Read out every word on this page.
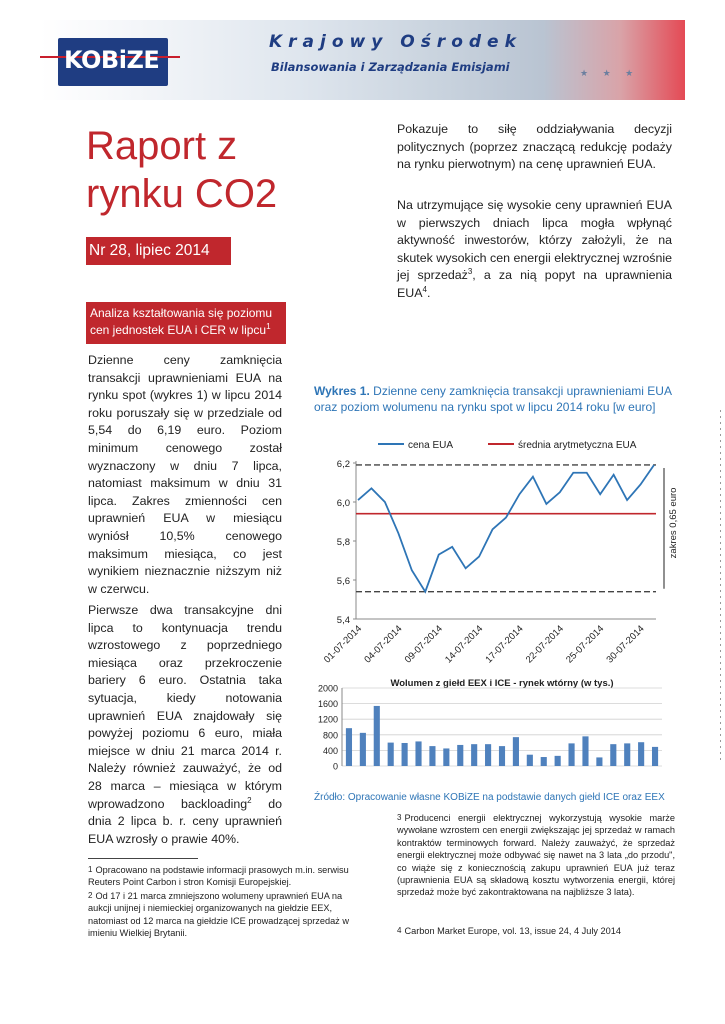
KOBiZE
Krajowy Ośrodek
Bilansowania i Zarządzania Emisjami	★ ★ ★
Raport z rynku CO2
Nr 28, lipiec 2014
Analiza kształtowania się poziomu cen jednostek EUA i CER w lipcu$^1$
Dzienne ceny zamknięcia transakcji uprawnieniami EUA na rynku spot (wykres 1) w lipcu 2014 roku poruszały się w przedziale od 5,54 do 6,19 euro. Poziom minimum cenowego został wyznaczony w dniu 7 lipca, natomiast maksimum w dniu 31 lipca. Zakres zmienności cen uprawnień EUA w miesiącu wyniósł 10,5% cenowego maksimum miesiąca, co jest wynikiem nieznacznie niższym niż w czerwcu.
Pierwsze dwa transakcyjne dni lipca to kontynuacja trendu wzrostowego z poprzedniego miesiąca oraz przekroczenie bariery 6 euro. Ostatnia taka sytuacja, kiedy notowania uprawnień EUA znajdowały się powyżej poziomu 6 euro, miała miejsce w dniu 21 marca 2014 r. Należy również zauważyć, że od 28 marca – miesiąca w którym wprowadzono backloading$^2$ do dnia 2 lipca b. r. ceny uprawnień EUA wzrosły o prawie 40%.
Pokazuje to siłę oddziaływania decyzji politycznych (poprzez znaczącą redukcję podaży na rynku pierwotnym) na cenę uprawnień EUA.
Na utrzymujące się wysokie ceny uprawnień EUA w pierwszych dniach lipca mogła wpłynąć aktywność inwestorów, którzy założyli, że na skutek wysokich cen energii elektrycznej wzrośnie jej sprzedaż$^3$, a za nią popyt na uprawnienia EUA$^4$.
Wykres 1. Dzienne ceny zamknięcia transakcji uprawnieniami EUA oraz poziom wolumenu na rynku spot w lipcu 2014 roku [w euro]
cena EUA	średnia arytmetyczna EUA
5,4
5,6
5,8
6,0
6,2
zakres 0,65 euro
01-07-2014
04-07-2014
09-07-2014
14-07-2014
17-07-2014
22-07-2014
25-07-2014
30-07-2014
Wolumen z giełd EEX i ICE - rynek wtórny (w tys.)
0
400
800
1200
1600
2000
Źródło: Opracowanie własne KOBiZE na podstawie danych giełd ICE oraz EEX
1 Opracowano na podstawie informacji prasowych m.in. serwisu Reuters Point Carbon i stron Komisji Europejskiej.
2 Od 17 i 21 marca zmniejszono wolumeny uprawnień EUA na aukcji unijnej i niemieckiej organizowanych na giełdzie EEX, natomiast od 12 marca na giełdzie ICE prowadzącej sprzedaż w imieniu Wielkiej Brytanii.
3 Producenci energii elektrycznej wykorzystują wysokie marże wywołane wzrostem cen energii zwiększając jej sprzedaż w ramach kontraktów terminowych forward. Należy zauważyć, że sprzedaż energii elektrycznej może odbywać się nawet na 3 lata „do przodu", co wiąże się z koniecznością zakupu uprawnień EUA już teraz (uprawnienia EUA są składową kosztu wytworzenia energii, której sprzedaż może być zakontraktowana na najbliższe 3 lata).
4 Carbon Market Europe, vol. 13, issue 24, 4 July 2014
